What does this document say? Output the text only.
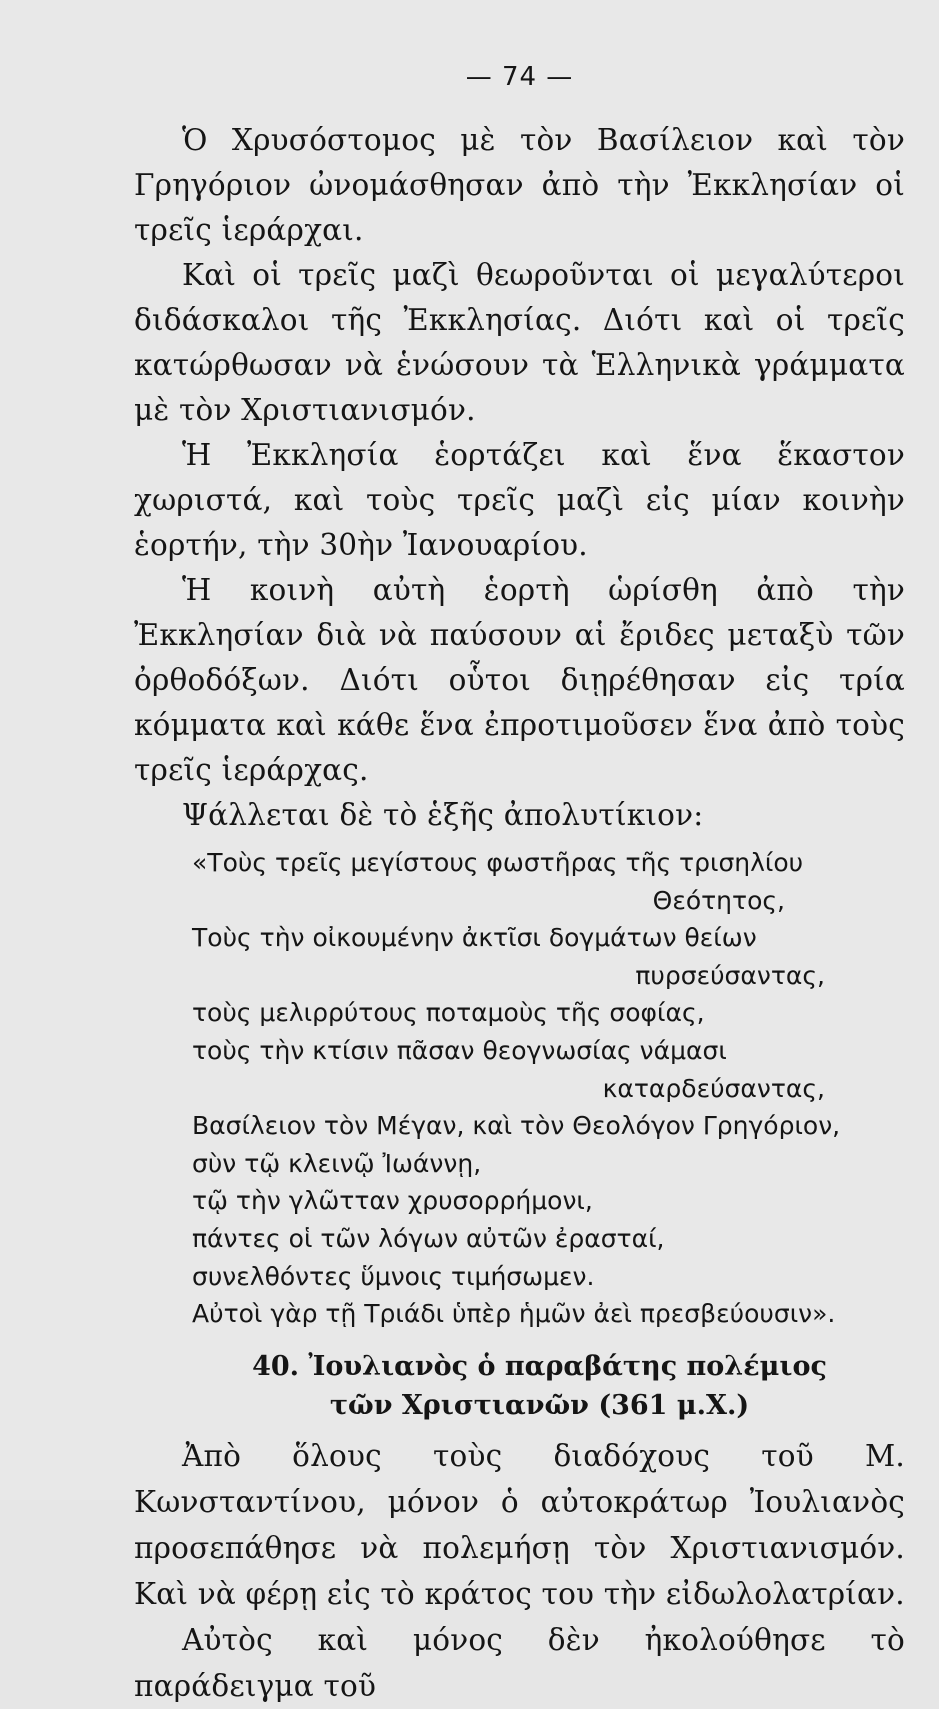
— 74 —

Ὁ Χρυσόστομος μὲ τὸν Βασίλειον καὶ τὸν Γρηγόριον ὠνομάσθησαν ἀπὸ τὴν Ἐκκλησίαν οἱ τρεῖς ἱεράρχαι.

Καὶ οἱ τρεῖς μαζὶ θεωροῦνται οἱ μεγαλύτεροι διδάσκαλοι τῆς Ἐκκλησίας. Διότι καὶ οἱ τρεῖς κατώρθωσαν νὰ ἑνώσουν τὰ Ἑλληνικὰ γράμματα μὲ τὸν Χριστιανισμόν.

Ἡ Ἐκκλησία ἑορτάζει καὶ ἕνα ἕκαστον χωριστά, καὶ τοὺς τρεῖς μαζὶ εἰς μίαν κοινὴν ἑορτήν, τὴν 30ὴν Ἰανουαρίου.

Ἡ κοινὴ αὐτὴ ἑορτὴ ὡρίσθη ἀπὸ τὴν Ἐκκλησίαν διὰ νὰ παύσουν αἱ ἔριδες μεταξὺ τῶν ὀρθοδόξων. Διότι οὗτοι διῃρέθησαν εἰς τρία κόμματα καὶ κάθε ἕνα ἐπροτιμοῦσεν ἕνα ἀπὸ τοὺς τρεῖς ἱεράρχας.

Ψάλλεται δὲ τὸ ἑξῆς ἀπολυτίκιον:

«Τοὺς τρεῖς μεγίστους φωστῆρας τῆς τρισηλίου
Θεότητος,
Τοὺς τὴν οἰκουμένην ἀκτῖσι δογμάτων θείων
πυρσεύσαντας,
τοὺς μελιρρύτους ποταμοὺς τῆς σοφίας,
τοὺς τὴν κτίσιν πᾶσαν θεογνωσίας νάμασι
καταρδεύσαντας,
Βασίλειον τὸν Μέγαν, καὶ τὸν Θεολόγον Γρηγόριον,
σὺν τῷ κλεινῷ Ἰωάννῃ,
τῷ τὴν γλῶτταν χρυσορρήμονι,
πάντες οἱ τῶν λόγων αὐτῶν ἐρασταί,
συνελθόντες ὕμνοις τιμήσωμεν.
Αὐτοὶ γὰρ τῇ Τριάδι ὑπὲρ ἡμῶν ἀεὶ πρεσβεύουσιν».
40. Ἰουλιανὸς ὁ παραβάτης πολέμιος
τῶν Χριστιανῶν (361 μ.Χ.)

Ἀπὸ ὅλους τοὺς διαδόχους τοῦ Μ. Κωνσταντίνου, μόνον ὁ αὐτοκράτωρ Ἰουλιανὸς προσεπάθησε νὰ πολεμήσῃ τὸν Χριστιανισμόν. Καὶ νὰ φέρῃ εἰς τὸ κράτος του τὴν εἰδωλολατρίαν.

Αὐτὸς καὶ μόνος δὲν ἠκολούθησε τὸ παράδειγμα τοῦ
